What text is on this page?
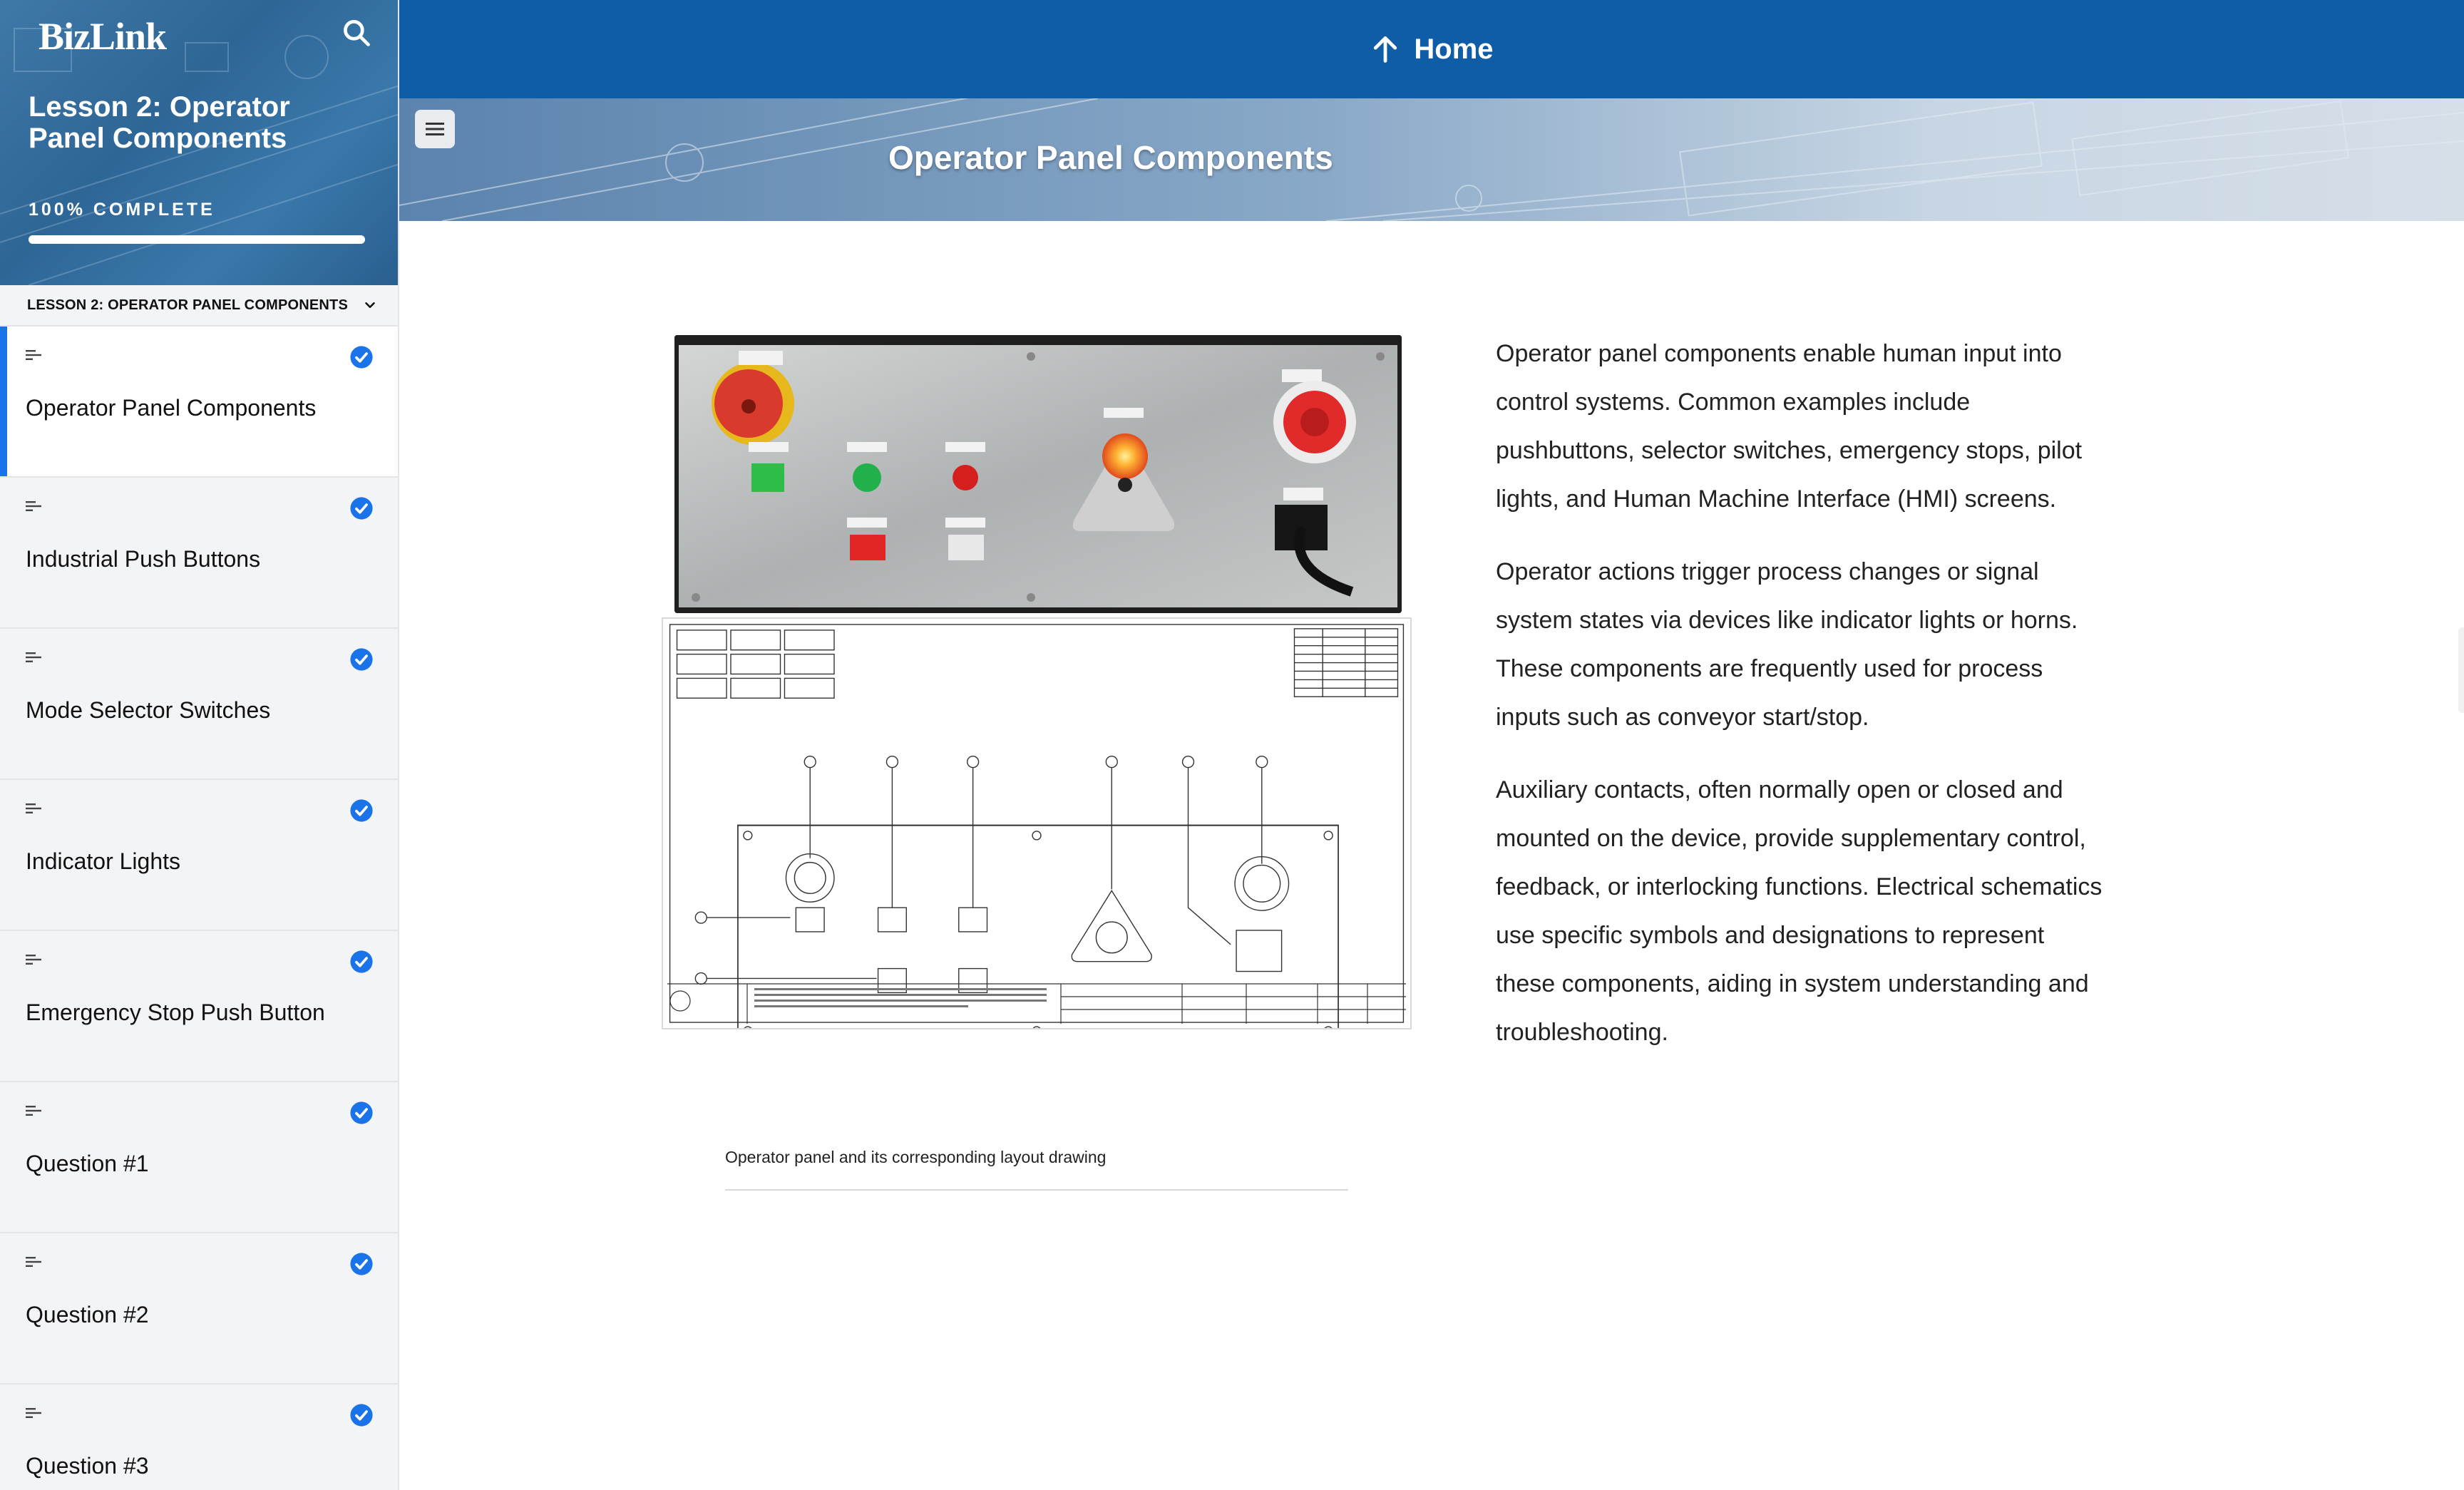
BizLink
Lesson 2: Operator Panel Components
100% COMPLETE
LESSON 2: OPERATOR PANEL COMPONENTS
Operator Panel Components
Industrial Push Buttons
Mode Selector Switches
Indicator Lights
Emergency Stop Push Button
Question #1
Question #2
Question #3
Home
Operator Panel Components
Operator panel and its corresponding layout drawing

Operator panel components enable human input into control systems. Common examples include pushbuttons, selector switches, emergency stops, pilot lights, and Human Machine Interface (HMI) screens.

Operator actions trigger process changes or signal system states via devices like indicator lights or horns. These components are frequently used for process inputs such as conveyor start/stop.

Auxiliary contacts, often normally open or closed and mounted on the device, provide supplementary control, feedback, or interlocking functions. Electrical schematics use specific symbols and designations to represent these components, aiding in system understanding and troubleshooting.
